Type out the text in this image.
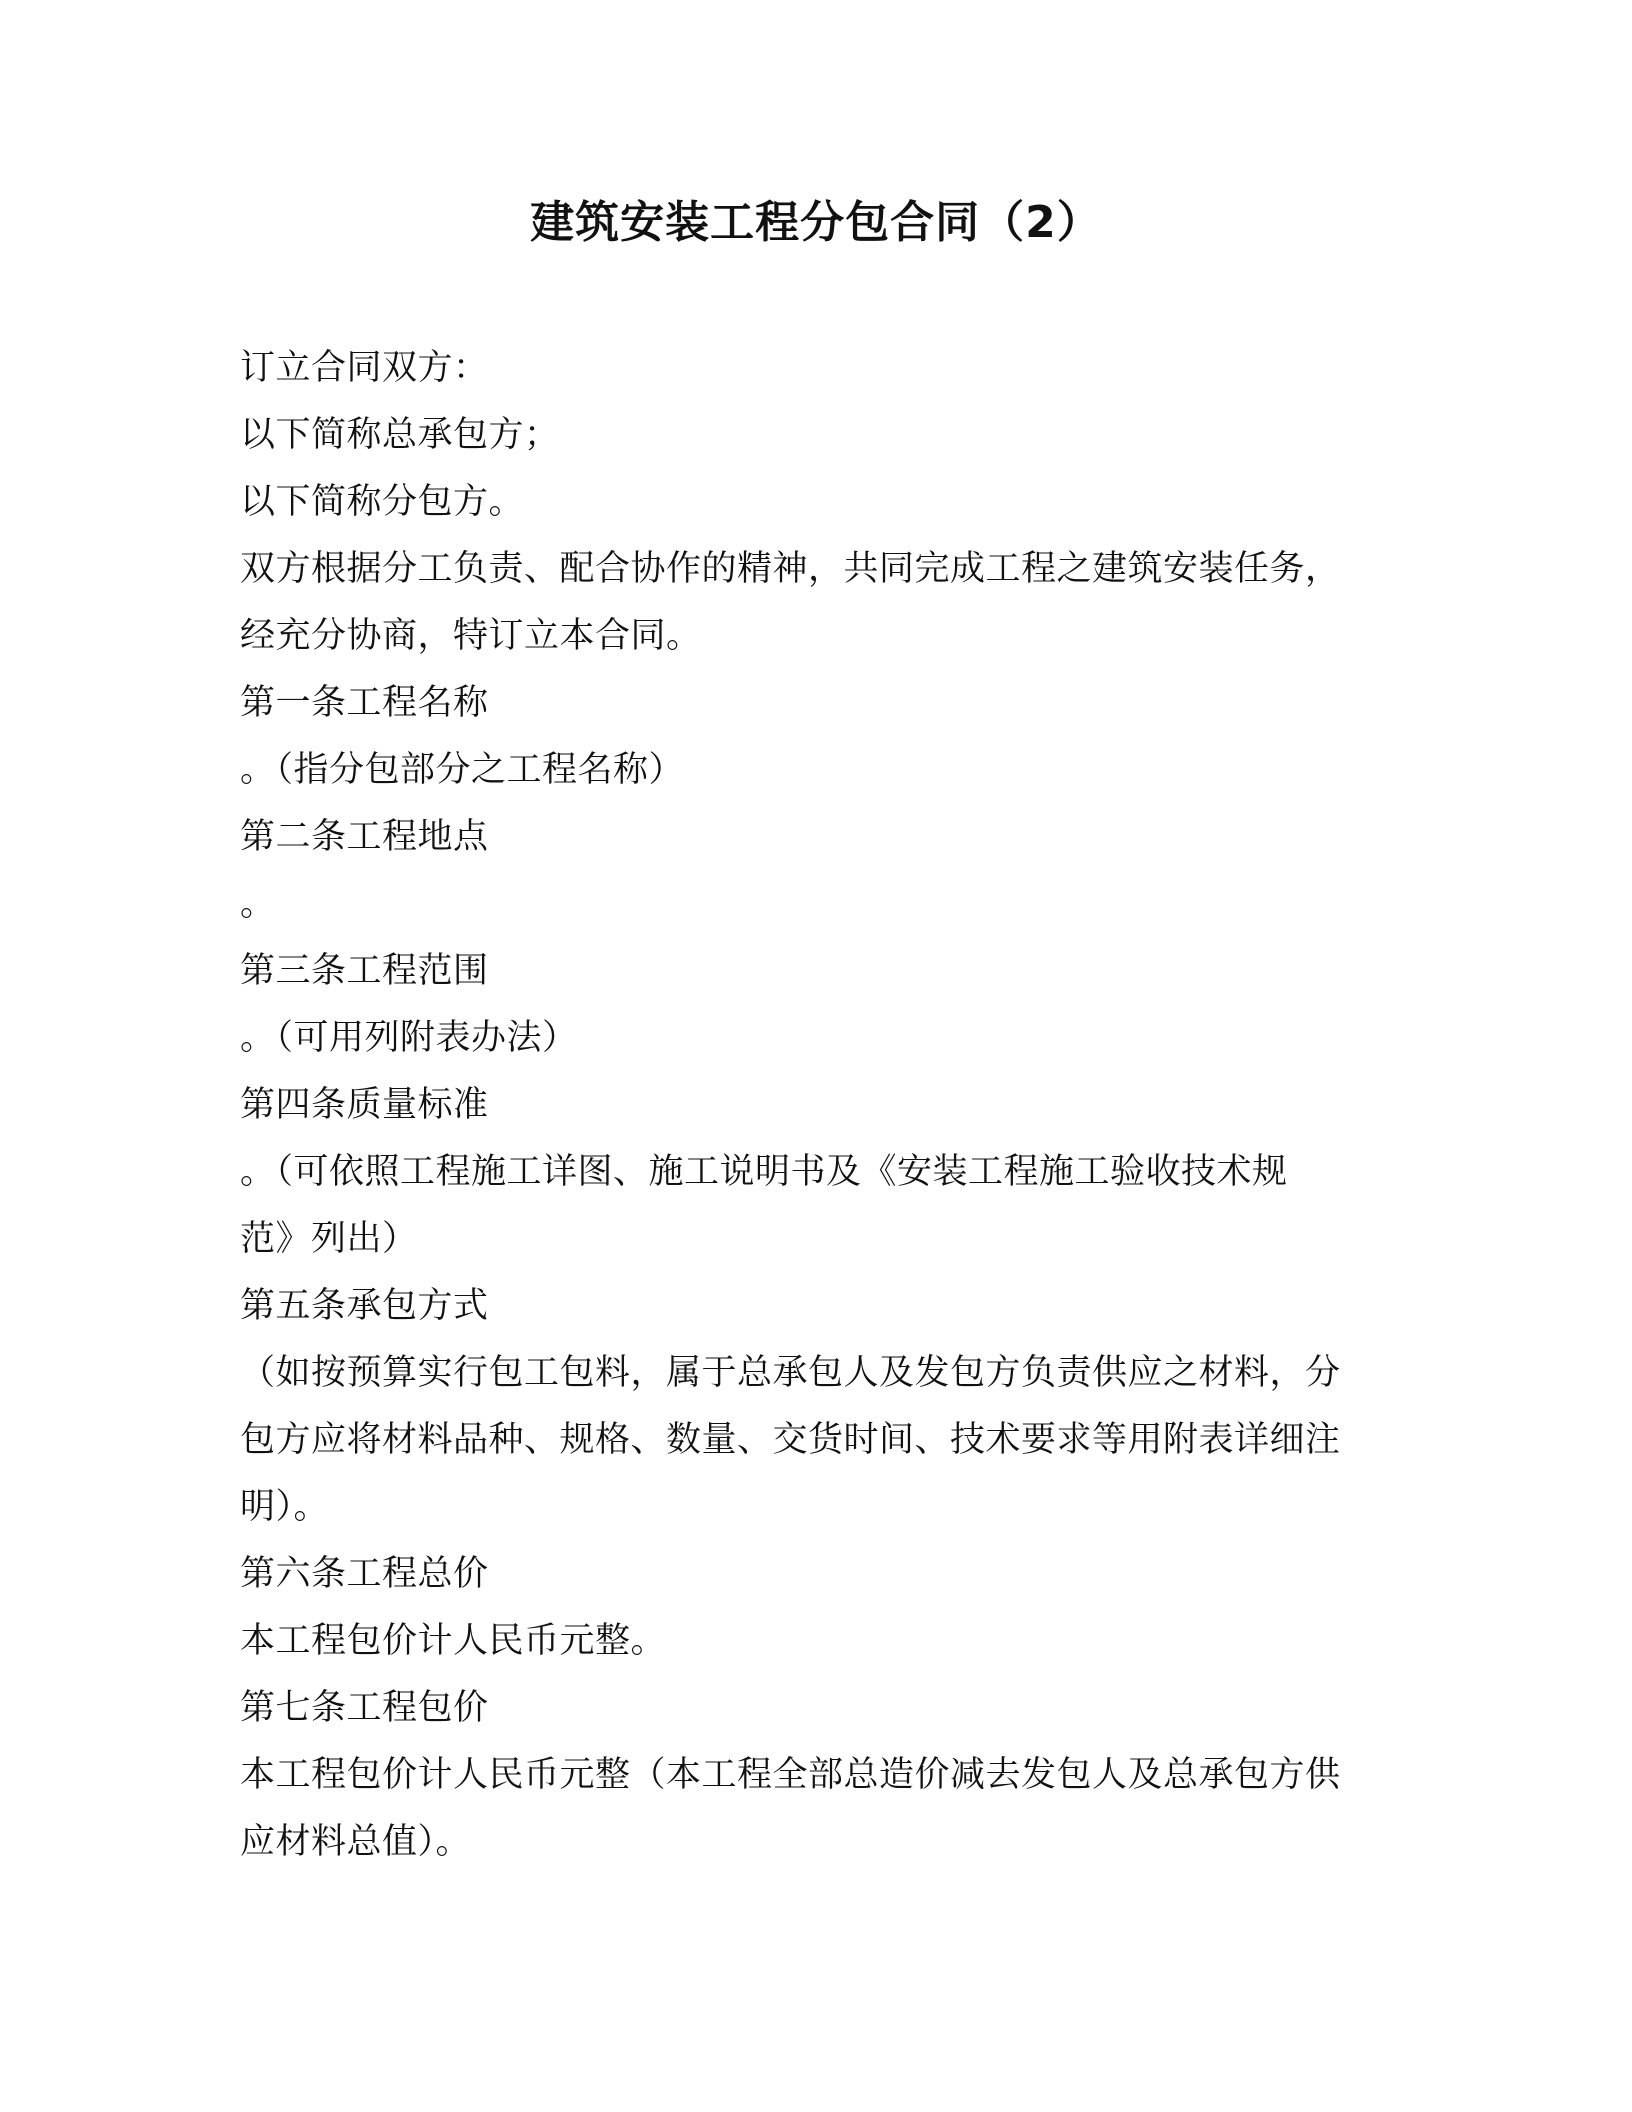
建筑安装工程分包合同（2）
订立合同双方：
以下简称总承包方；
以下简称分包方。
双方根据分工负责、配合协作的精神，共同完成工程之建筑安装任务，
经充分协商，特订立本合同。
第一条工程名称
。（指分包部分之工程名称）
第二条工程地点
。
第三条工程范围
。（可用列附表办法）
第四条质量标准
。（可依照工程施工详图、施工说明书及《安装工程施工验收技术规
范》列出）
第五条承包方式
（如按预算实行包工包料，属于总承包人及发包方负责供应之材料，分
包方应将材料品种、规格、数量、交货时间、技术要求等用附表详细注
明）。
第六条工程总价
本工程包价计人民币元整。
第七条工程包价
本工程包价计人民币元整（本工程全部总造价减去发包人及总承包方供
应材料总值）。
